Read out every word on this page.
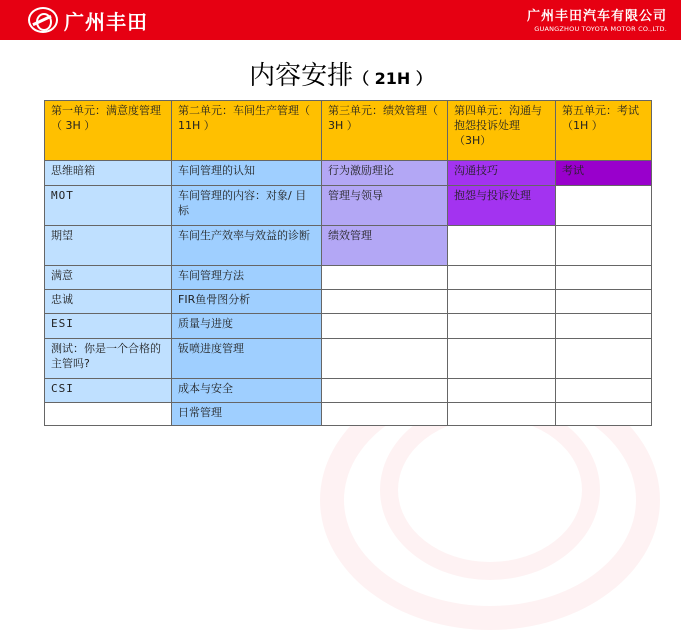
广州丰田	广州丰田汽车有限公司
GUANGZHOU TOYOTA MOTOR CO.,LTD.
内容安排（ 21H ）
第一单元：满意度管理（ 3H ）	第二单元：车间生产管理（ 11H ）	第三单元：绩效管理（ 3H ）	第四单元：沟通与抱怨投诉处理（3H）	第五单元：考试（1H ）
思维暗箱	车间管理的认知	行为激励理论	沟通技巧	考试
MOT	车间管理的内容：对象/ 目标	管理与领导	抱怨与投诉处理	
期望	车间生产效率与效益的诊断	绩效管理		
满意	车间管理方法			
忠诚	FIR鱼骨图分析			
ESI	质量与进度			
测试：你是一个合格的主管吗?	钣喷进度管理			
CSI	成本与安全			
	日常管理			
